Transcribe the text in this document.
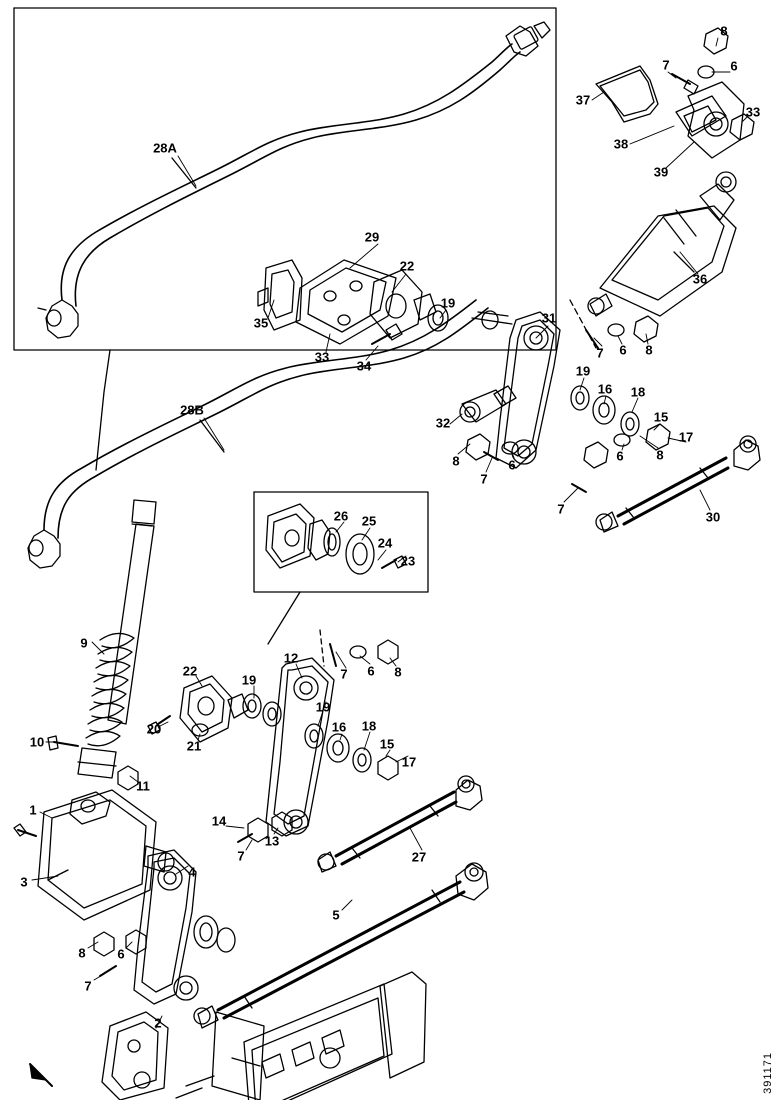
28A
28B
37
8
7	6
33
38
39
36
29
22
35
33
34
19
31
7 6 8
19
16 18
15
17
32
8
7
6
6	8
7
30
26 25
24
23
9
10
11
1
3
4
8 6
7
2
5
12
22
19
19
20
21
7 6 8
16 18
15
17
14
7
13
27
391171
